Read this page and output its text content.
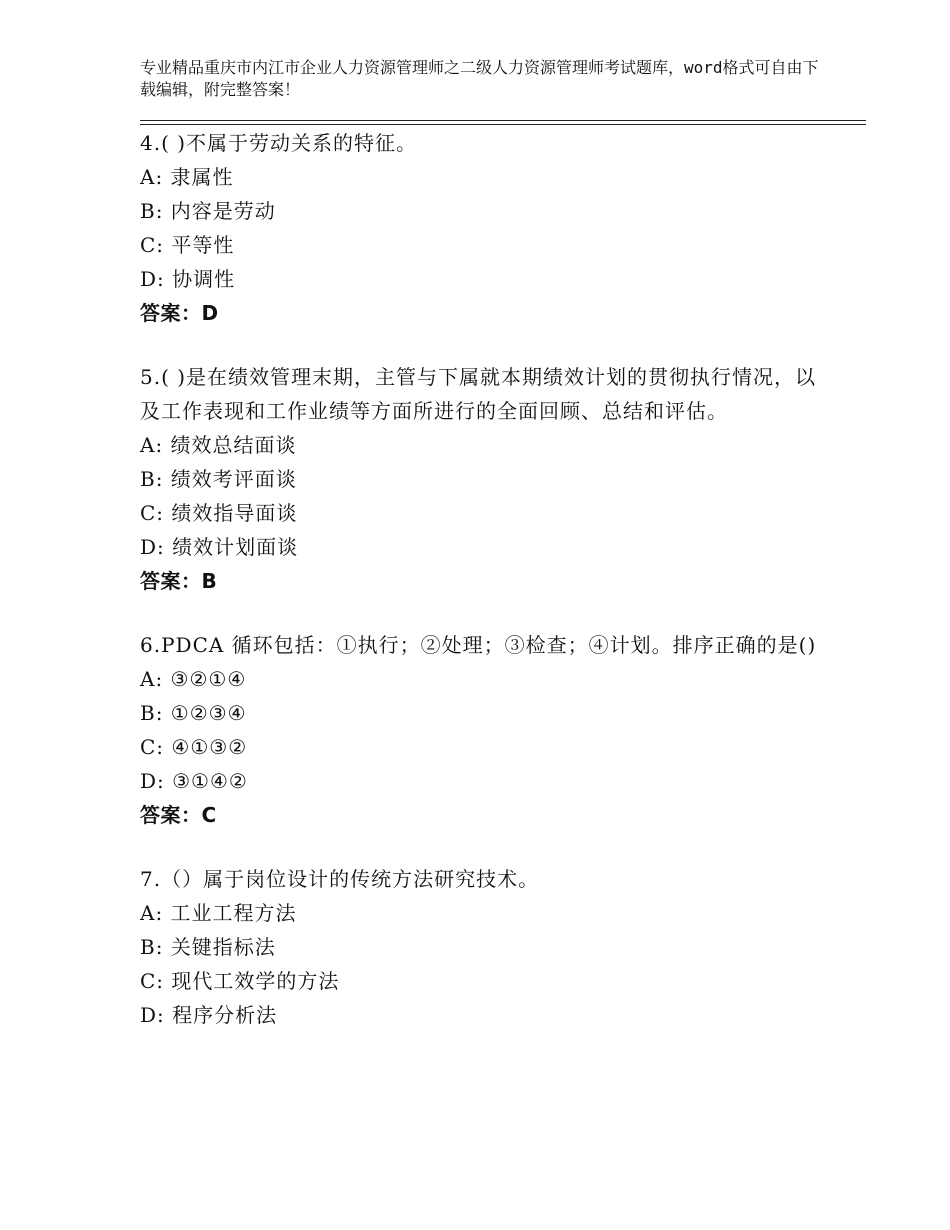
专业精品重庆市内江市企业人力资源管理师之二级人力资源管理师考试题库，word格式可自由下载编辑，附完整答案！

4.( )不属于劳动关系的特征。

A: 隶属性

B: 内容是劳动

C: 平等性

D: 协调性

答案：D

5.( )是在绩效管理末期，主管与下属就本期绩效计划的贯彻执行情况，以及工作表现和工作业绩等方面所进行的全面回顾、总结和评估。

A: 绩效总结面谈

B: 绩效考评面谈

C: 绩效指导面谈

D: 绩效计划面谈

答案：B

6.PDCA 循环包括：①执行；②处理；③检查；④计划。排序正确的是()

A: ③②①④

B: ①②③④

C: ④①③②

D: ③①④②

答案：C

7.（）属于岗位设计的传统方法研究技术。

A: 工业工程方法

B: 关键指标法

C: 现代工效学的方法

D: 程序分析法
